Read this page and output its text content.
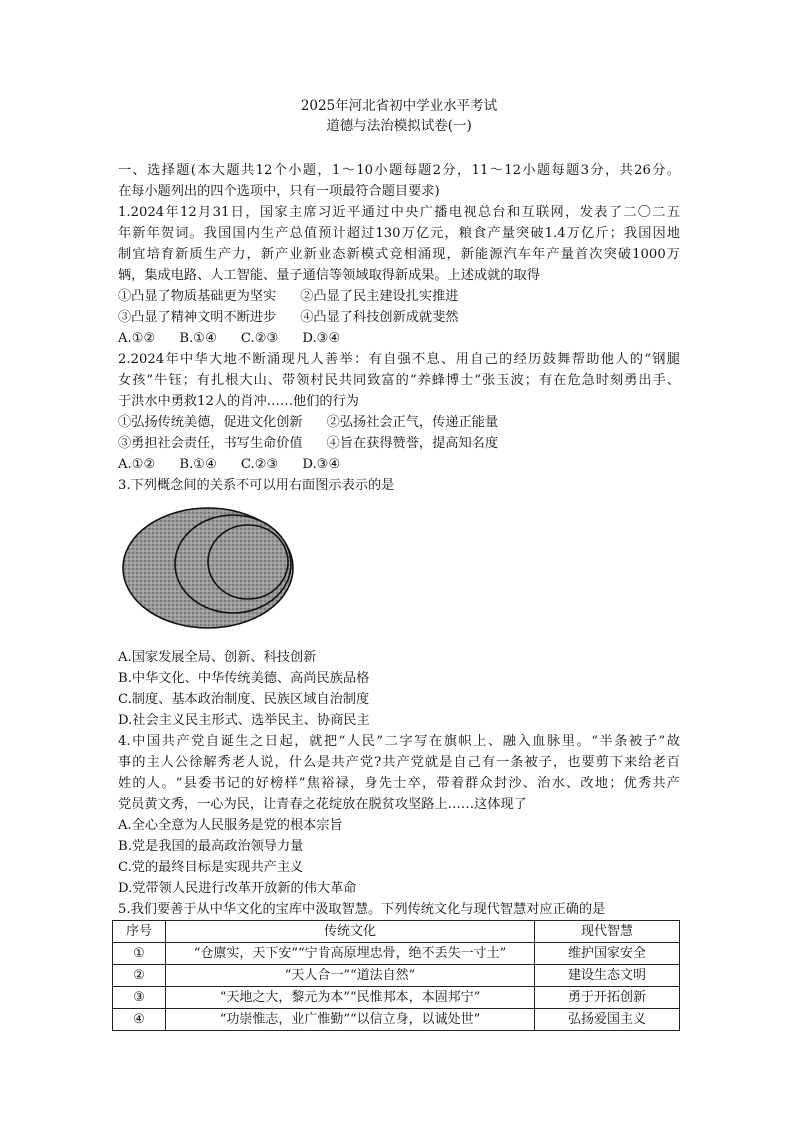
2025年河北省初中学业水平考试
道德与法治模拟试卷(一)
一、选择题(本大题共12个小题，1～10小题每题2分，11～12小题每题3分，共26分。
在每小题列出的四个选项中，只有一项最符合题目要求)
1.2024年12月31日，国家主席习近平通过中央广播电视总台和互联网，发表了二〇二五
年新年贺词。我国国内生产总值预计超过130万亿元，粮食产量突破1.4万亿斤；我国因地
制宜培育新质生产力，新产业新业态新模式竞相涌现，新能源汽车年产量首次突破1000万
辆，集成电路、人工智能、量子通信等领域取得新成果。上述成就的取得
①凸显了物质基础更为坚实 ②凸显了民主建设扎实推进
③凸显了精神文明不断进步 ④凸显了科技创新成就斐然
A.①② B.①④ C.②③ D.③④
2.2024年中华大地不断涌现凡人善举：有自强不息、用自己的经历鼓舞帮助他人的“钢腿
女孩”牛钰；有扎根大山、带领村民共同致富的“养蜂博士”张玉波；有在危急时刻勇出手、
于洪水中勇救12人的肖冲……他们的行为
①弘扬传统美德，促进文化创新 ②弘扬社会正气，传递正能量
③勇担社会责任，书写生命价值 ④旨在获得赞誉，提高知名度
A.①② B.①④ C.②③ D.③④
3.下列概念间的关系不可以用右面图示表示的是
A.国家发展全局、创新、科技创新
B.中华文化、中华传统美德、高尚民族品格
C.制度、基本政治制度、民族区域自治制度
D.社会主义民主形式、选举民主、协商民主
4.中国共产党自诞生之日起，就把“人民”二字写在旗帜上、融入血脉里。“半条被子”故
事的主人公徐解秀老人说，什么是共产党?共产党就是自己有一条被子，也要剪下来给老百
姓的人。“县委书记的好榜样”焦裕禄，身先士卒，带着群众封沙、治水、改地；优秀共产
党员黄文秀，一心为民，让青春之花绽放在脱贫攻坚路上……这体现了
A.全心全意为人民服务是党的根本宗旨
B.党是我国的最高政治领导力量
C.党的最终目标是实现共产主义
D.党带领人民进行改革开放新的伟大革命
5.我们要善于从中华文化的宝库中汲取智慧。下列传统文化与现代智慧对应正确的是
序号	传统文化	现代智慧
①	“仓廪实，天下安”“宁肯高原埋忠骨，绝不丢失一寸土”	维护国家安全
②	“天人合一”“道法自然”	建设生态文明
③	“天地之大，黎元为本”“民惟邦本，本固邦宁”	勇于开拓创新
④	“功崇惟志，业广惟勤”“以信立身，以诚处世”	弘扬爱国主义
